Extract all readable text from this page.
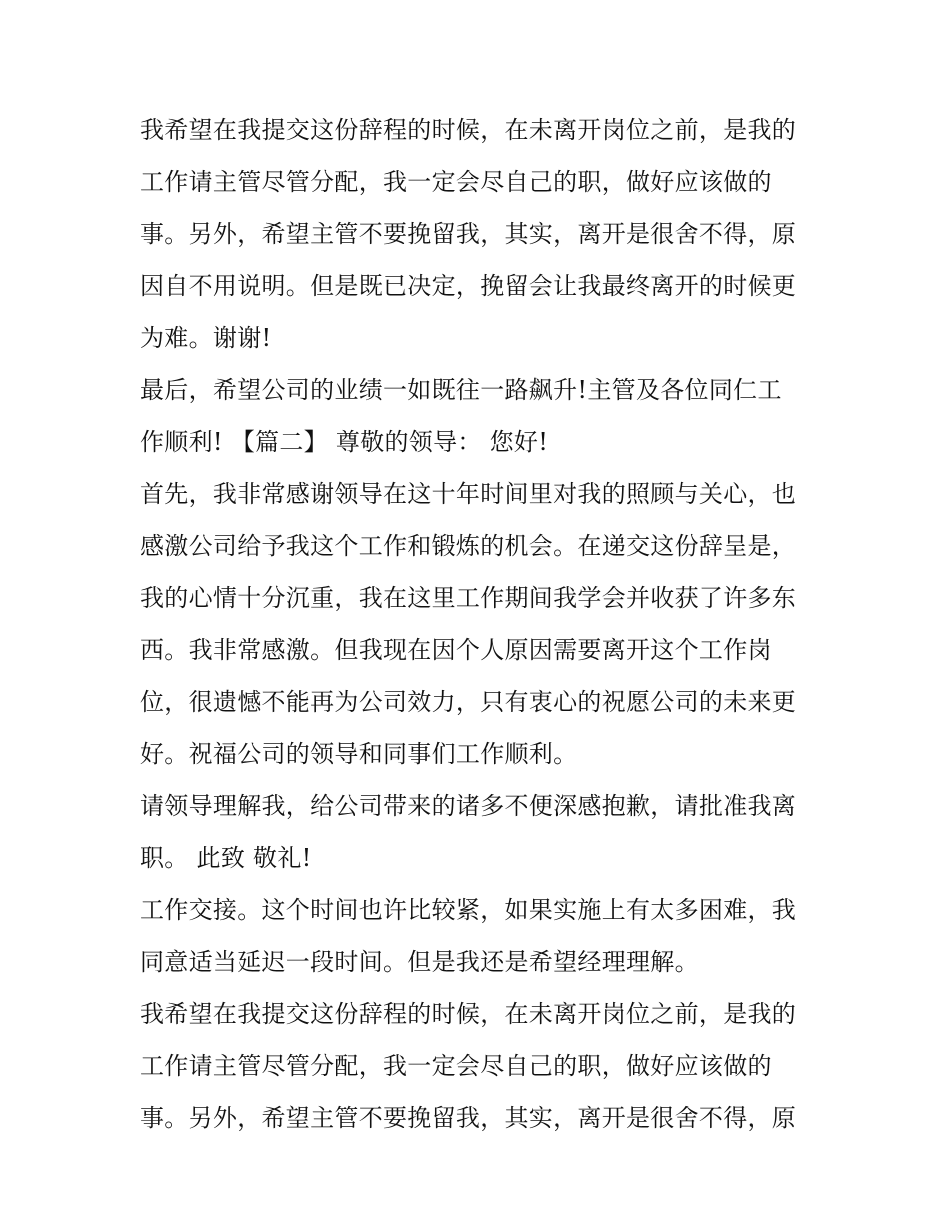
我希望在我提交这份辞程的时候，在未离开岗位之前，是我的
工作请主管尽管分配，我一定会尽自己的职，做好应该做的
事。另外，希望主管不要挽留我，其实，离开是很舍不得，原
因自不用说明。但是既已决定，挽留会让我最终离开的时候更
为难。谢谢!
最后，希望公司的业绩一如既往一路飙升!主管及各位同仁工
作顺利! 【篇二】 尊敬的领导： 您好!
首先，我非常感谢领导在这十年时间里对我的照顾与关心，也
感激公司给予我这个工作和锻炼的机会。在递交这份辞呈是，
我的心情十分沉重，我在这里工作期间我学会并收获了许多东
西。我非常感激。但我现在因个人原因需要离开这个工作岗
位，很遗憾不能再为公司效力，只有衷心的祝愿公司的未来更
好。祝福公司的领导和同事们工作顺利。
请领导理解我，给公司带来的诸多不便深感抱歉，请批准我离
职。 此致 敬礼!
工作交接。这个时间也许比较紧，如果实施上有太多困难，我
同意适当延迟一段时间。但是我还是希望经理理解。
我希望在我提交这份辞程的时候，在未离开岗位之前，是我的
工作请主管尽管分配，我一定会尽自己的职，做好应该做的
事。另外，希望主管不要挽留我，其实，离开是很舍不得，原
